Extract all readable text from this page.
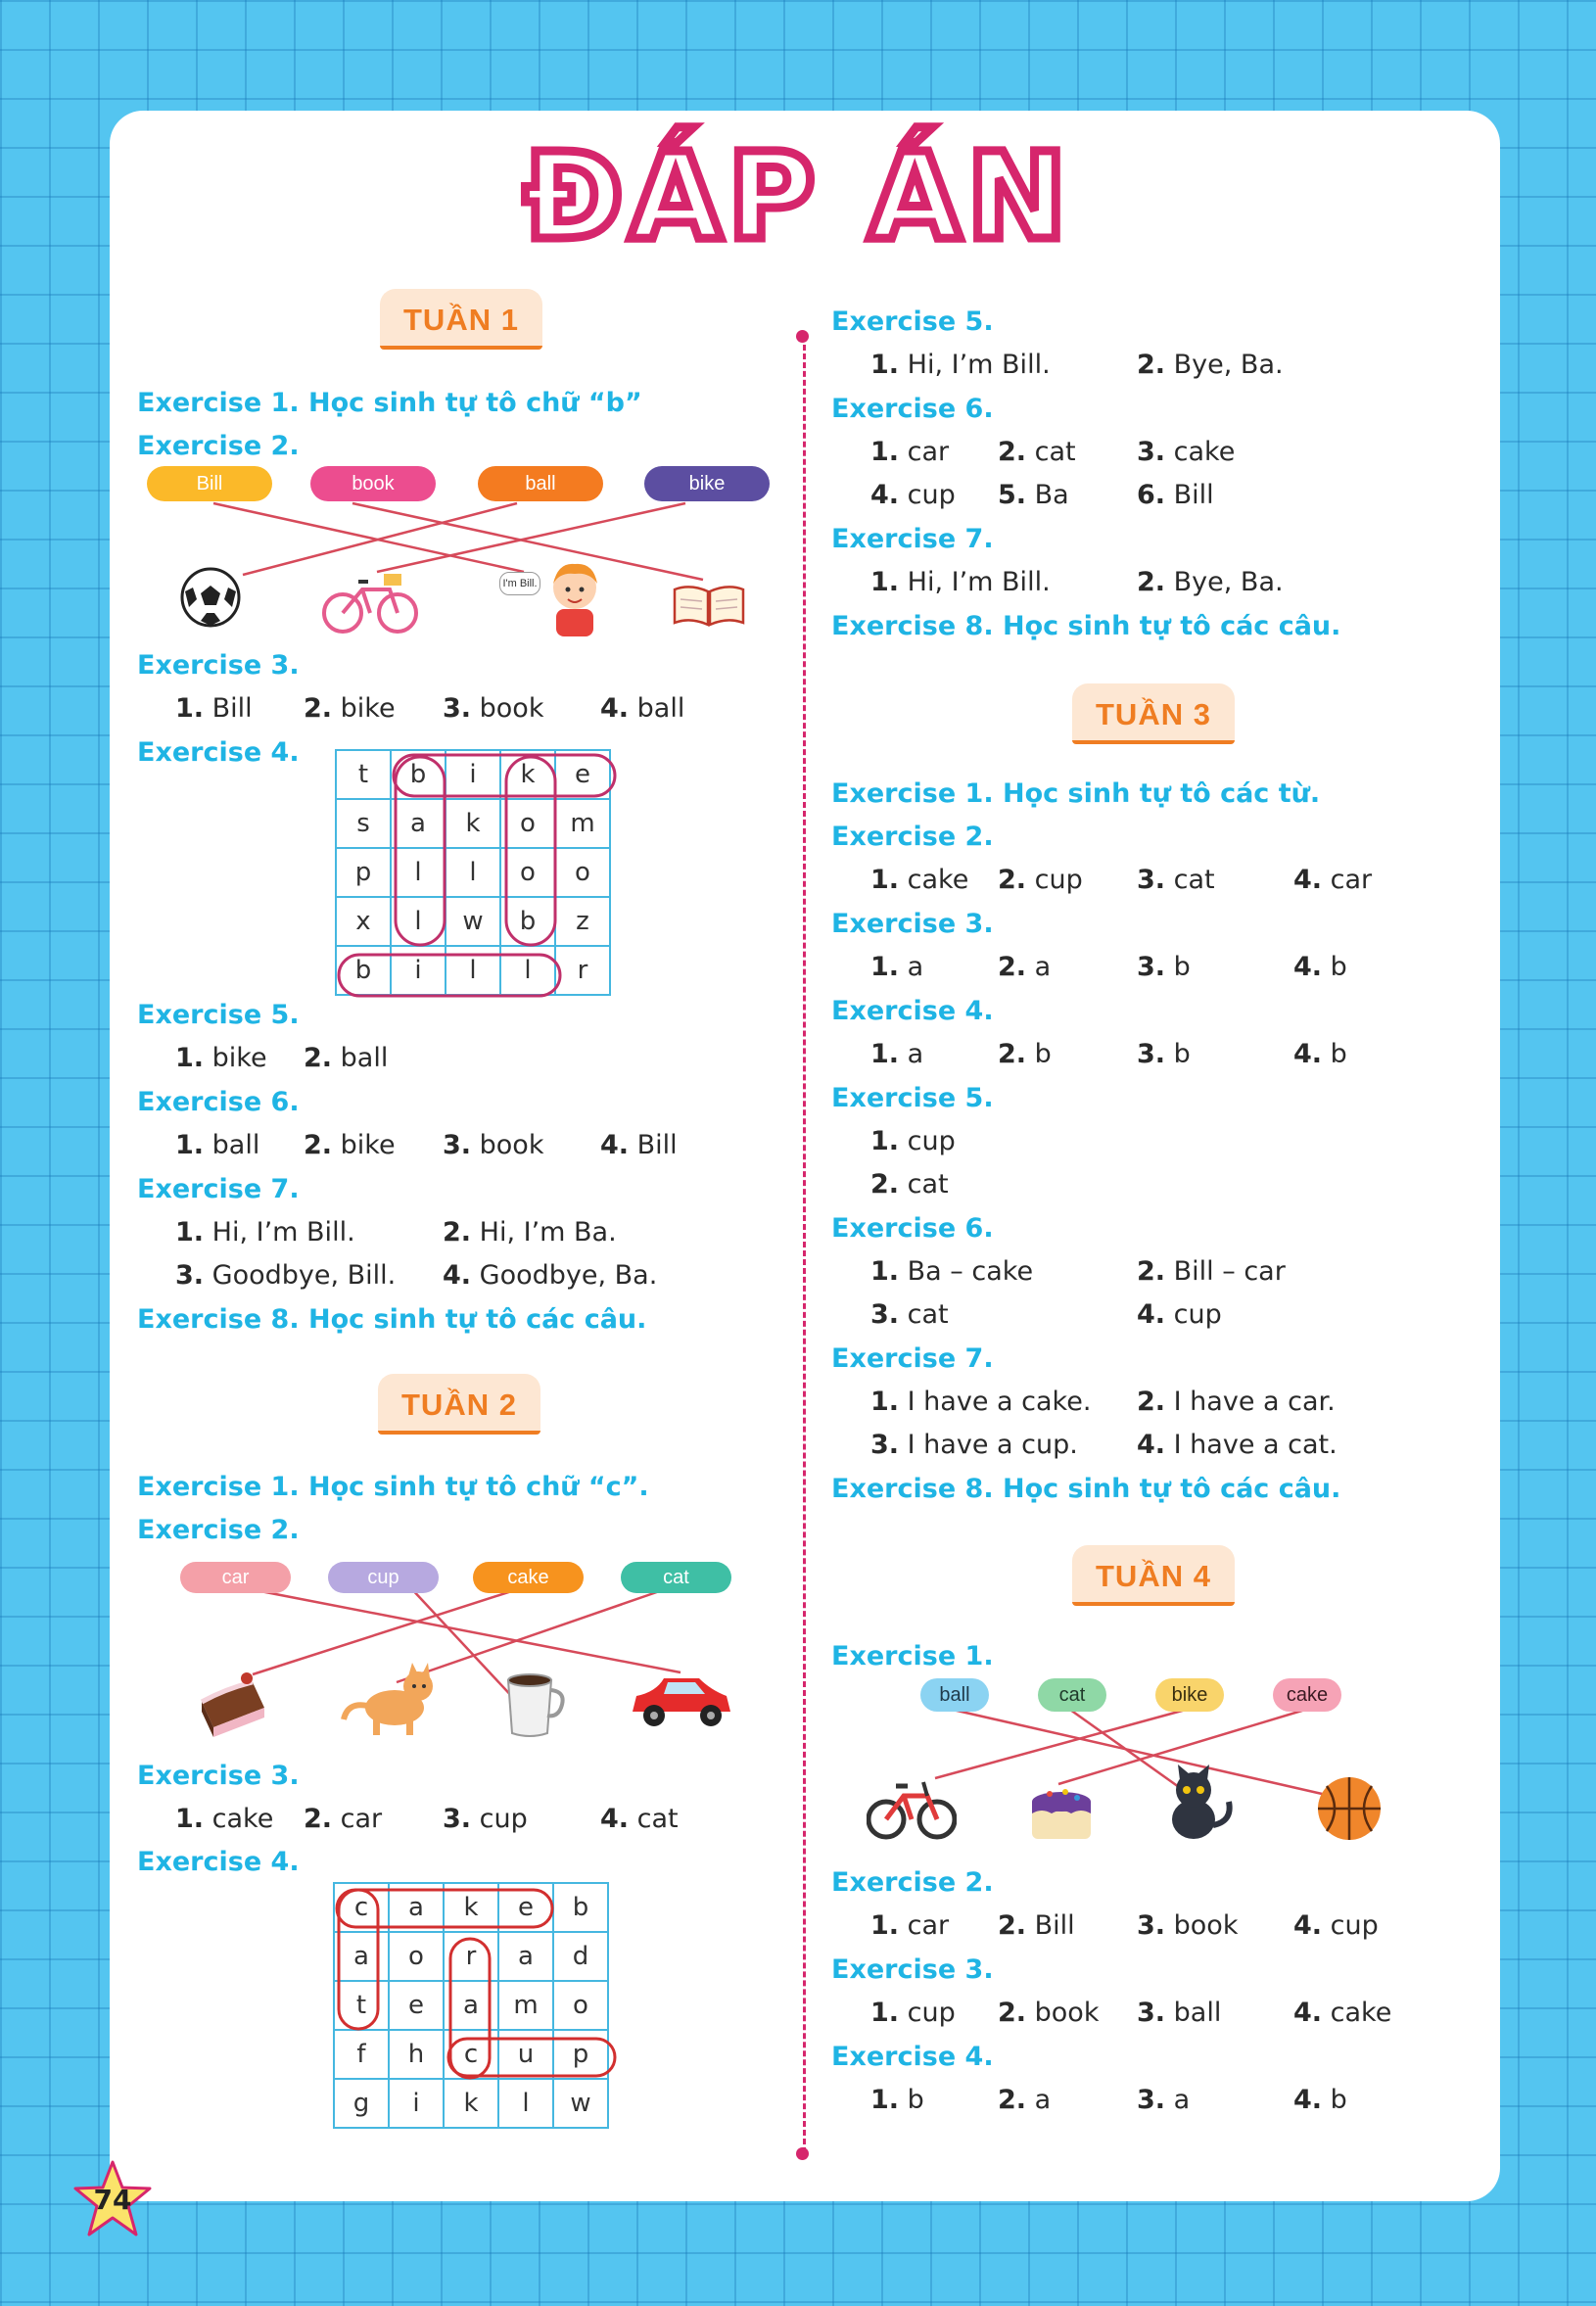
ĐÁP ÁN
TUẦN 1
Exercise 1. Học sinh tự tô chữ “b”
Exercise 2.
Bill	book	ball	bike
I'm Bill.
Exercise 3.
1. Bill 2. bike 3. book 4. ball
Exercise 4.
t	b	i	k	e
s	a	k	o	m
p	l	l	o	o
x	l	w	b	z
b	i	l	l	r
Exercise 5.
1. bike 2. ball
Exercise 6.
1. ball 2. bike 3. book 4. Bill
Exercise 7.
1. Hi, I’m Bill.	2. Hi, I’m Ba.
3. Goodbye, Bill. 4. Goodbye, Ba.
Exercise 8. Học sinh tự tô các câu.
TUẦN 2
Exercise 1. Học sinh tự tô chữ “c”.
Exercise 2.
car	cup	cake	cat
Exercise 3.
1. cake 2. car 3. cup	4. cat
Exercise 4.
c	a	k	e	b
a	o	r	a	d
t	e	a	m	o
f	h	c	u	p
g	i	k	l	w
Exercise 5.
1. Hi, I’m Bill.	2. Bye, Ba.
Exercise 6.
1. car 2. cat 3. cake
4. cup 5. Ba	6. Bill
Exercise 7.
1. Hi, I’m Bill.	2. Bye, Ba.
Exercise 8. Học sinh tự tô các câu.
TUẦN 3
Exercise 1. Học sinh tự tô các từ.
Exercise 2.
1. cake 2. cup 3. cat	4. car
Exercise 3.
1. a	2. a	3. b	4. b
Exercise 4.
1. a	2. b	3. b	4. b
Exercise 5.
1. cup
2. cat
Exercise 6.
1. Ba – cake	2. Bill – car
3. cat	4. cup
Exercise 7.
1. I have a cake. 2. I have a car.
3. I have a cup. 4. I have a cat.
Exercise 8. Học sinh tự tô các câu.
TUẦN 4
Exercise 1.
ball	cat	bike	cake
Exercise 2.
1. car 2. Bill 3. book 4. cup
Exercise 3.
1. cup 2. book 3. ball	4. cake
Exercise 4.
1. b	2. a	3. a	4. b
74
